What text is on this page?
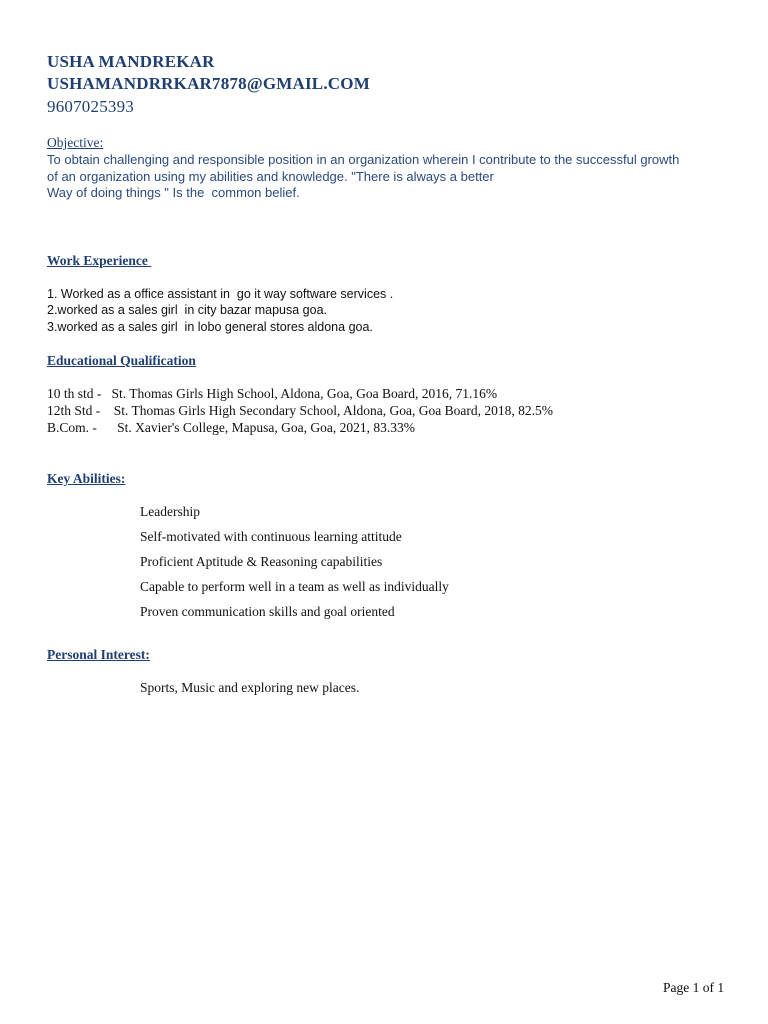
USHA MANDREKAR
USHAMANDRRKAR7878@GMAIL.COM
9607025393
Objective:
To obtain challenging and responsible position in an organization wherein I contribute to the successful growth
of an organization using my abilities and knowledge. "There is always a better
Way of doing things " Is the  common belief.
Work Experience
1. Worked as a office assistant in  go it way software services .
2.worked as a sales girl  in city bazar mapusa goa.
3.worked as a sales girl  in lobo general stores aldona goa.
Educational Qualification
10 th std -   St. Thomas Girls High School, Aldona, Goa, Goa Board, 2016, 71.16%
12th Std -    St. Thomas Girls High Secondary School, Aldona, Goa, Goa Board, 2018, 82.5%
B.Com. -      St. Xavier's College, Mapusa, Goa, Goa, 2021, 83.33%
Key Abilities:
Leadership
Self-motivated with continuous learning attitude
Proficient Aptitude & Reasoning capabilities
Capable to perform well in a team as well as individually
Proven communication skills and goal oriented
Personal Interest:
Sports, Music and exploring new places.
Page 1 of 1
